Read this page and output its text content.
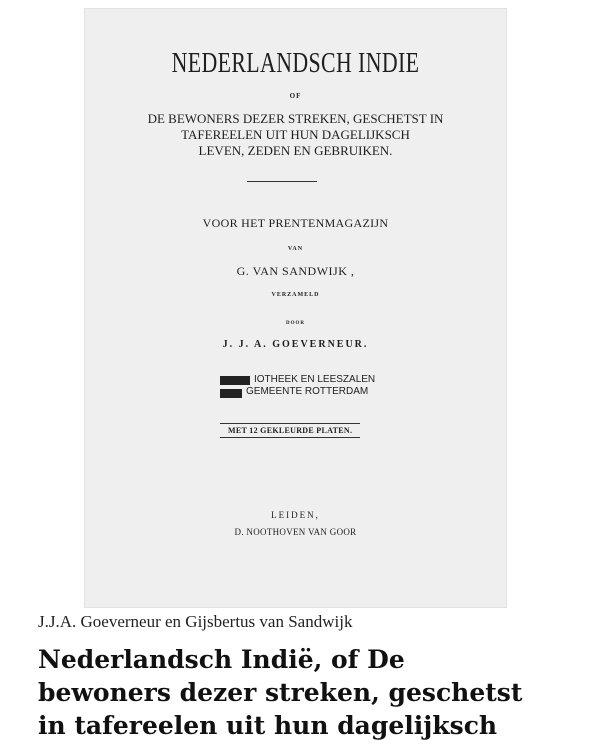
NEDERLANDSCH INDIE
OF
DE BEWONERS DEZER STREKEN, GESCHETST IN
TAFEREELEN UIT HUN DAGELIJKSCH
LEVEN, ZEDEN EN GEBRUIKEN.
VOOR HET PRENTENMAGAZIJN
VAN
G. VAN SANDWIJK ,
VERZAMELD
DOOR
J. J. A. GOEVERNEUR.
IOTHEEK EN LEESZALEN
GEMEENTE ROTTERDAM
MET 12 GEKLEURDE PLATEN.
LEIDEN,
D. NOOTHOVEN VAN GOOR
J.J.A. Goeverneur en Gijsbertus van Sandwijk
Nederlandsch Indië, of De
bewoners dezer streken, geschetst
in tafereelen uit hun dagelijksch
